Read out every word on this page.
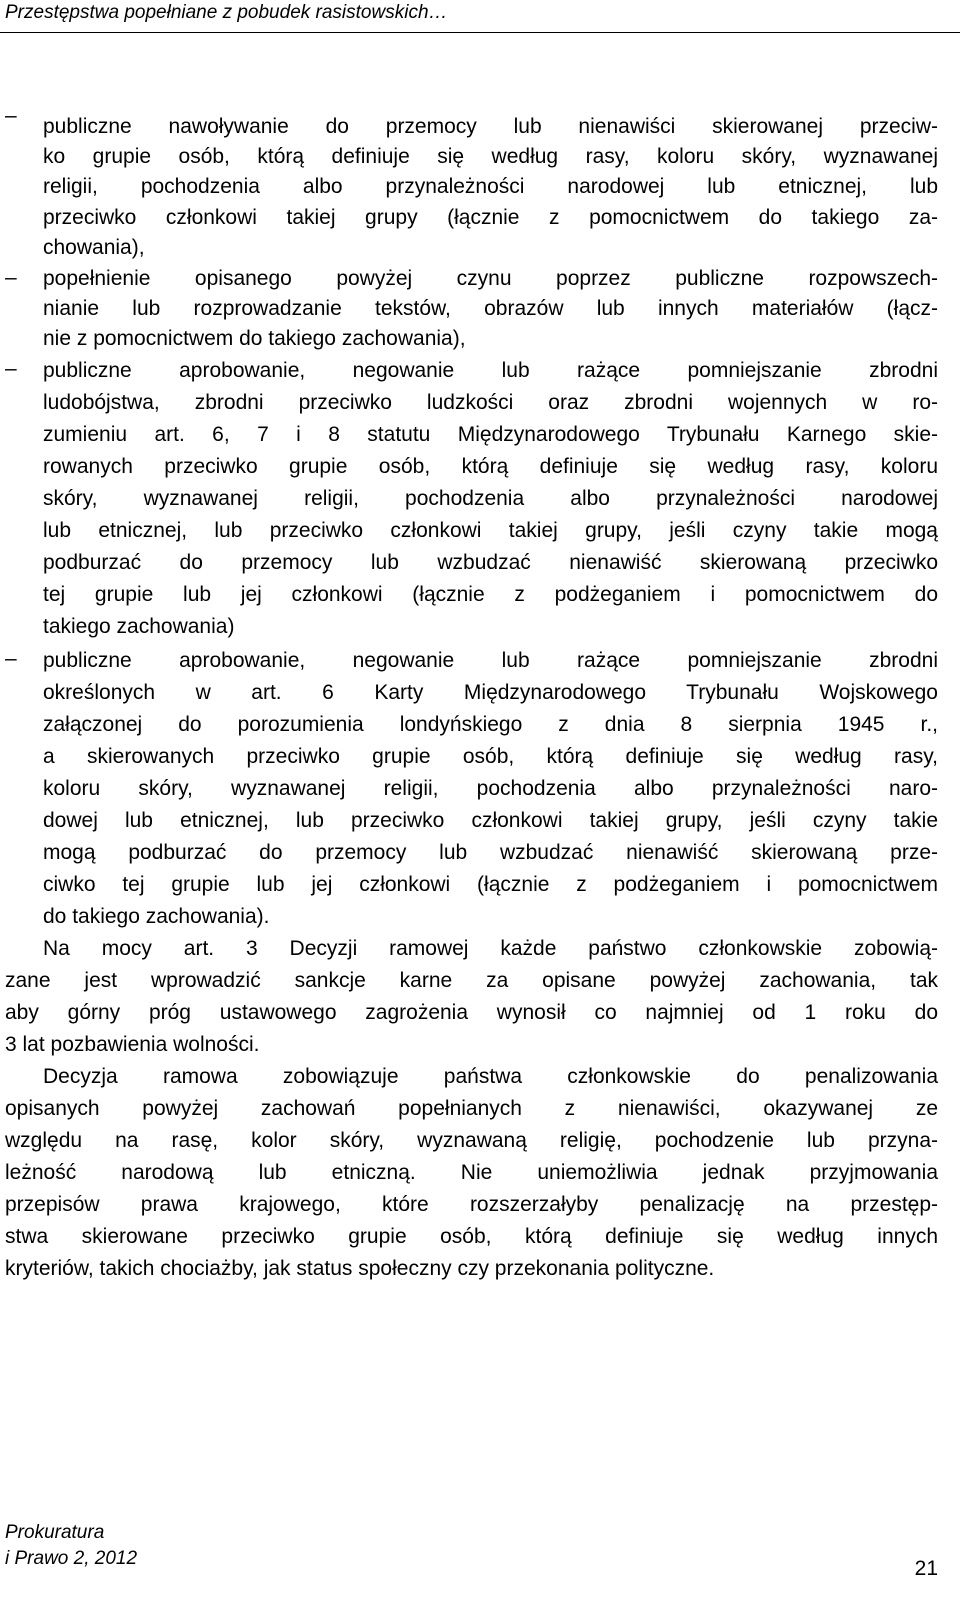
Przestępstwa popełniane z pobudek rasistowskich…
– publiczne nawoływanie do przemocy lub nienawiści skierowanej przeciw-
ko grupie osób, którą definiuje się według rasy, koloru skóry, wyznawanej
religii, pochodzenia albo przynależności narodowej lub etnicznej, lub
przeciwko członkowi takiej grupy (łącznie z pomocnictwem do takiego za-
chowania),
– popełnienie opisanego powyżej czynu poprzez publiczne rozpowszech-
nianie lub rozprowadzanie tekstów, obrazów lub innych materiałów (łącz-
nie z pomocnictwem do takiego zachowania),
– publiczne aprobowanie, negowanie lub rażące pomniejszanie zbrodni
ludobójstwa, zbrodni przeciwko ludzkości oraz zbrodni wojennych w ro-
zumieniu art. 6, 7 i 8 statutu Międzynarodowego Trybunału Karnego skie-
rowanych przeciwko grupie osób, którą definiuje się według rasy, koloru
skóry, wyznawanej religii, pochodzenia albo przynależności narodowej
lub etnicznej, lub przeciwko członkowi takiej grupy, jeśli czyny takie mogą
podburzać do przemocy lub wzbudzać nienawiść skierowaną przeciwko
tej grupie lub jej członkowi (łącznie z podżeganiem i pomocnictwem do
takiego zachowania)
– publiczne aprobowanie, negowanie lub rażące pomniejszanie zbrodni
określonych w art. 6 Karty Międzynarodowego Trybunału Wojskowego
załączonej do porozumienia londyńskiego z dnia 8 sierpnia 1945 r.,
a skierowanych przeciwko grupie osób, którą definiuje się według rasy,
koloru skóry, wyznawanej religii, pochodzenia albo przynależności naro-
dowej lub etnicznej, lub przeciwko członkowi takiej grupy, jeśli czyny takie
mogą podburzać do przemocy lub wzbudzać nienawiść skierowaną prze-
ciwko tej grupie lub jej członkowi (łącznie z podżeganiem i pomocnictwem
do takiego zachowania).
Na mocy art. 3 Decyzji ramowej każde państwo członkowskie zobowią-
zane jest wprowadzić sankcje karne za opisane powyżej zachowania, tak
aby górny próg ustawowego zagrożenia wynosił co najmniej od 1 roku do
3 lat pozbawienia wolności.
Decyzja ramowa zobowiązuje państwa członkowskie do penalizowania
opisanych powyżej zachowań popełnianych z nienawiści, okazywanej ze
względu na rasę, kolor skóry, wyznawaną religię, pochodzenie lub przyna-
leżność narodową lub etniczną. Nie uniemożliwia jednak przyjmowania
przepisów prawa krajowego, które rozszerzałyby penalizację na przestęp-
stwa skierowane przeciwko grupie osób, którą definiuje się według innych
kryteriów, takich chociażby, jak status społeczny czy przekonania polityczne.
Prokuratura
i Prawo 2, 2012	21
